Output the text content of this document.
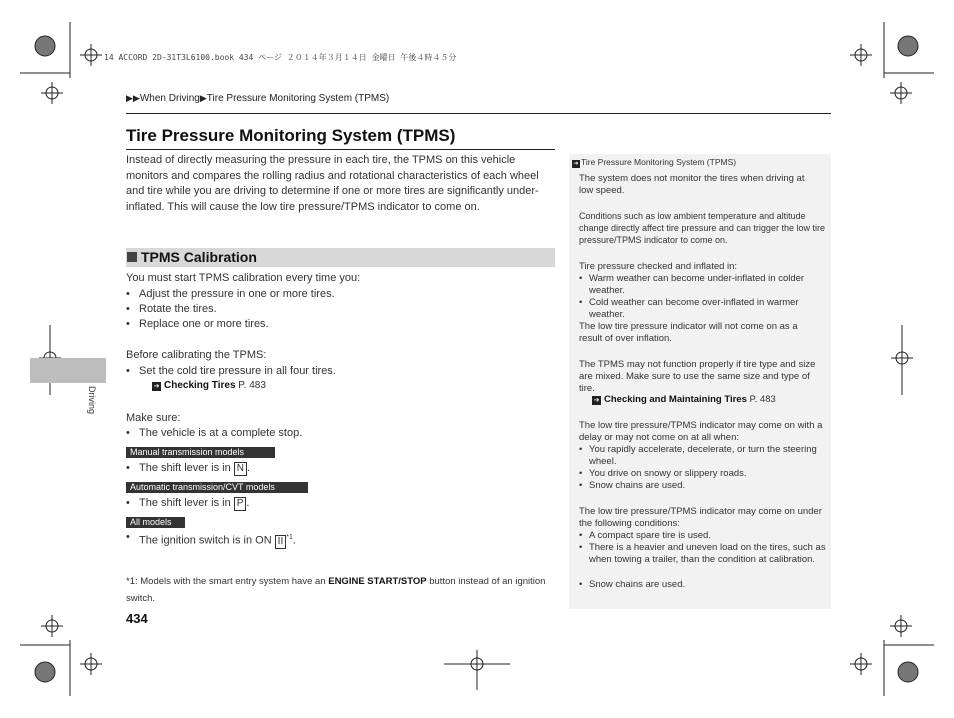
14 ACCORD 2D-31T3L6100.book 434 ページ ２０１４年３月１４日 金曜日 午後４時４５分
▶▶When Driving▶Tire Pressure Monitoring System (TPMS)
Tire Pressure Monitoring System (TPMS)
Instead of directly measuring the pressure in each tire, the TPMS on this vehicle monitors and compares the rolling radius and rotational characteristics of each wheel and tire while you are driving to determine if one or more tires are significantly under-inflated. This will cause the low tire pressure/TPMS indicator to come on.
TPMS Calibration
You must start TPMS calibration every time you:
• Adjust the pressure in one or more tires.
• Rotate the tires.
• Replace one or more tires.
Before calibrating the TPMS:
• Set the cold tire pressure in all four tires.
➔ Checking Tires P. 483
Make sure:
• The vehicle is at a complete stop.
Manual transmission models
• The shift lever is in N .
Automatic transmission/CVT models
• The shift lever is in P .
All models
• The ignition switch is in ON II $^{*1}$.
*1: Models with the smart entry system have an ENGINE START/STOP button instead of an ignition switch.
434
Driving
➔ Tire Pressure Monitoring System (TPMS)
The system does not monitor the tires when driving at low speed.
Conditions such as low ambient temperature and altitude change directly affect tire pressure and can trigger the low tire pressure/TPMS indicator to come on.
Tire pressure checked and inflated in:
• Warm weather can become under-inflated in colder weather.
• Cold weather can become over-inflated in warmer weather.
The low tire pressure indicator will not come on as a result of over inflation.
The TPMS may not function properly if tire type and size are mixed. Make sure to use the same size and type of tire.
➔ Checking and Maintaining Tires P. 483
The low tire pressure/TPMS indicator may come on with a delay or may not come on at all when:
• You rapidly accelerate, decelerate, or turn the steering wheel.
• You drive on snowy or slippery roads.
• Snow chains are used.
The low tire pressure/TPMS indicator may come on under the following conditions:
• A compact spare tire is used.
• There is a heavier and uneven load on the tires, such as when towing a trailer, than the condition at calibration.
• Snow chains are used.
